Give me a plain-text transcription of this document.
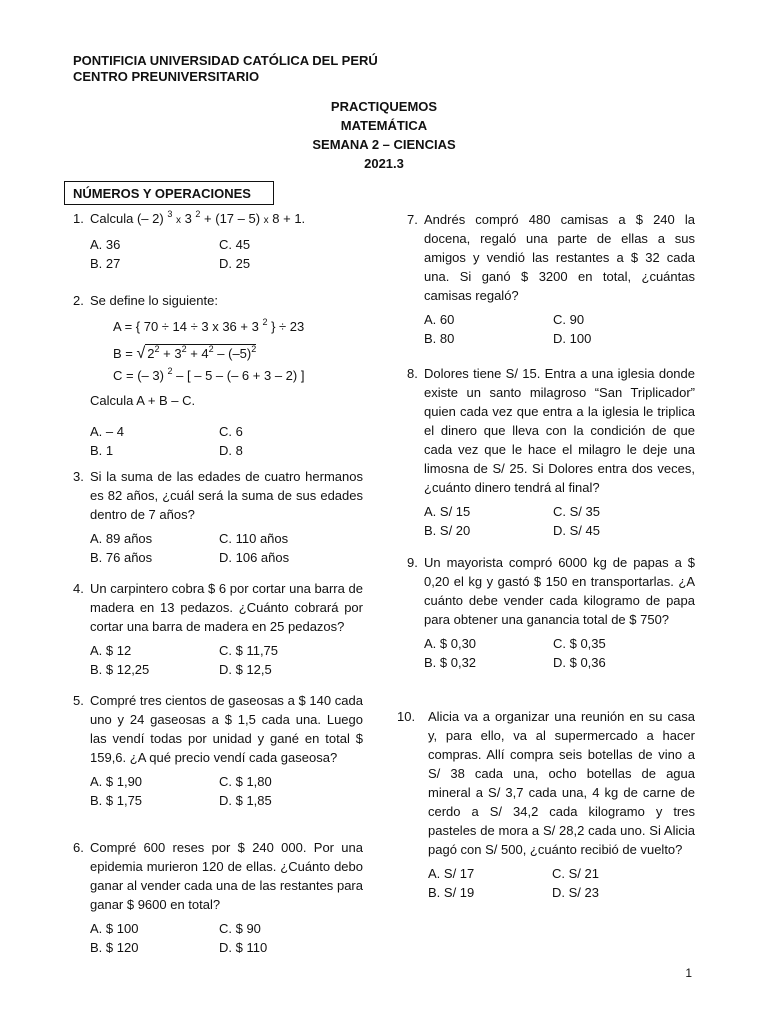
PONTIFICIA UNIVERSIDAD CATÓLICA DEL PERÚ
CENTRO PREUNIVERSITARIO
PRACTIQUEMOS
MATEMÁTICA
SEMANA 2 – CIENCIAS
2021.3
NÚMEROS Y OPERACIONES
1. Calcula (– 2) $^3$ x 3 $^2$ + (17 – 5) x 8 + 1.
A. 36	C. 45
B. 27	D. 25
2. Se define lo siguiente:
A = { 70 ÷ 14 ÷ 3 x 36 + 3 $^2$ } ÷ 23
B = √ $2^2 + 3^2 + 4^2 - (-5)^2$
C = (– 3) $^2$ – [ – 5 – (– 6 + 3 – 2) ]
Calcula A + B – C.
A. – 4	C. 6
B. 1	D. 8
3. Si la suma de las edades de cuatro hermanos es 82 años, ¿cuál será la suma de sus edades dentro de 7 años?
A. 89 años	C. 110 años
B. 76 años	D. 106 años
4. Un carpintero cobra $ 6 por cortar una barra de madera en 13 pedazos. ¿Cuánto cobrará por cortar una barra de madera en 25 pedazos?
A. $ 12	C. $ 11,75
B. $ 12,25	D. $ 12,5
5. Compré tres cientos de gaseosas a $ 140 cada uno y 24 gaseosas a $ 1,5 cada una. Luego las vendí todas por unidad y gané en total $ 159,6. ¿A qué precio vendí cada gaseosa?
A. $ 1,90	C. $ 1,80
B. $ 1,75	D. $ 1,85
6. Compré 600 reses por $ 240 000. Por una epidemia murieron 120 de ellas. ¿Cuánto debo ganar al vender cada una de las restantes para ganar $ 9600 en total?
A. $ 100	C. $ 90
B. $ 120	D. $ 110
7. Andrés compró 480 camisas a $ 240 la docena, regaló una parte de ellas a sus amigos y vendió las restantes a $ 32 cada una. Si ganó $ 3200 en total, ¿cuántas camisas regaló?
A. 60	C. 90
B. 80	D. 100
8. Dolores tiene S/ 15. Entra a una iglesia donde existe un santo milagroso “San Triplicador” quien cada vez que entra a la iglesia le triplica el dinero que lleva con la condición de que cada vez que le hace el milagro le deje una limosna de S/ 25. Si Dolores entra dos veces, ¿cuánto dinero tendrá al final?
A. S/ 15	C. S/ 35
B. S/ 20	D. S/ 45
9. Un mayorista compró 6000 kg de papas a $ 0,20 el kg y gastó $ 150 en transportarlas. ¿A cuánto debe vender cada kilogramo de papa para obtener una ganancia total de $ 750?
A. $ 0,30	C. $ 0,35
B. $ 0,32	D. $ 0,36
10. Alicia va a organizar una reunión en su casa y, para ello, va al supermercado a hacer compras. Allí compra seis botellas de vino a S/ 38 cada una, ocho botellas de agua mineral a S/ 3,7 cada una, 4 kg de carne de cerdo a S/ 34,2 cada kilogramo y tres pasteles de mora a S/ 28,2 cada uno. Si Alicia pagó con S/ 500, ¿cuánto recibió de vuelto?
A. S/ 17	C. S/ 21
B. S/ 19	D. S/ 23
1
